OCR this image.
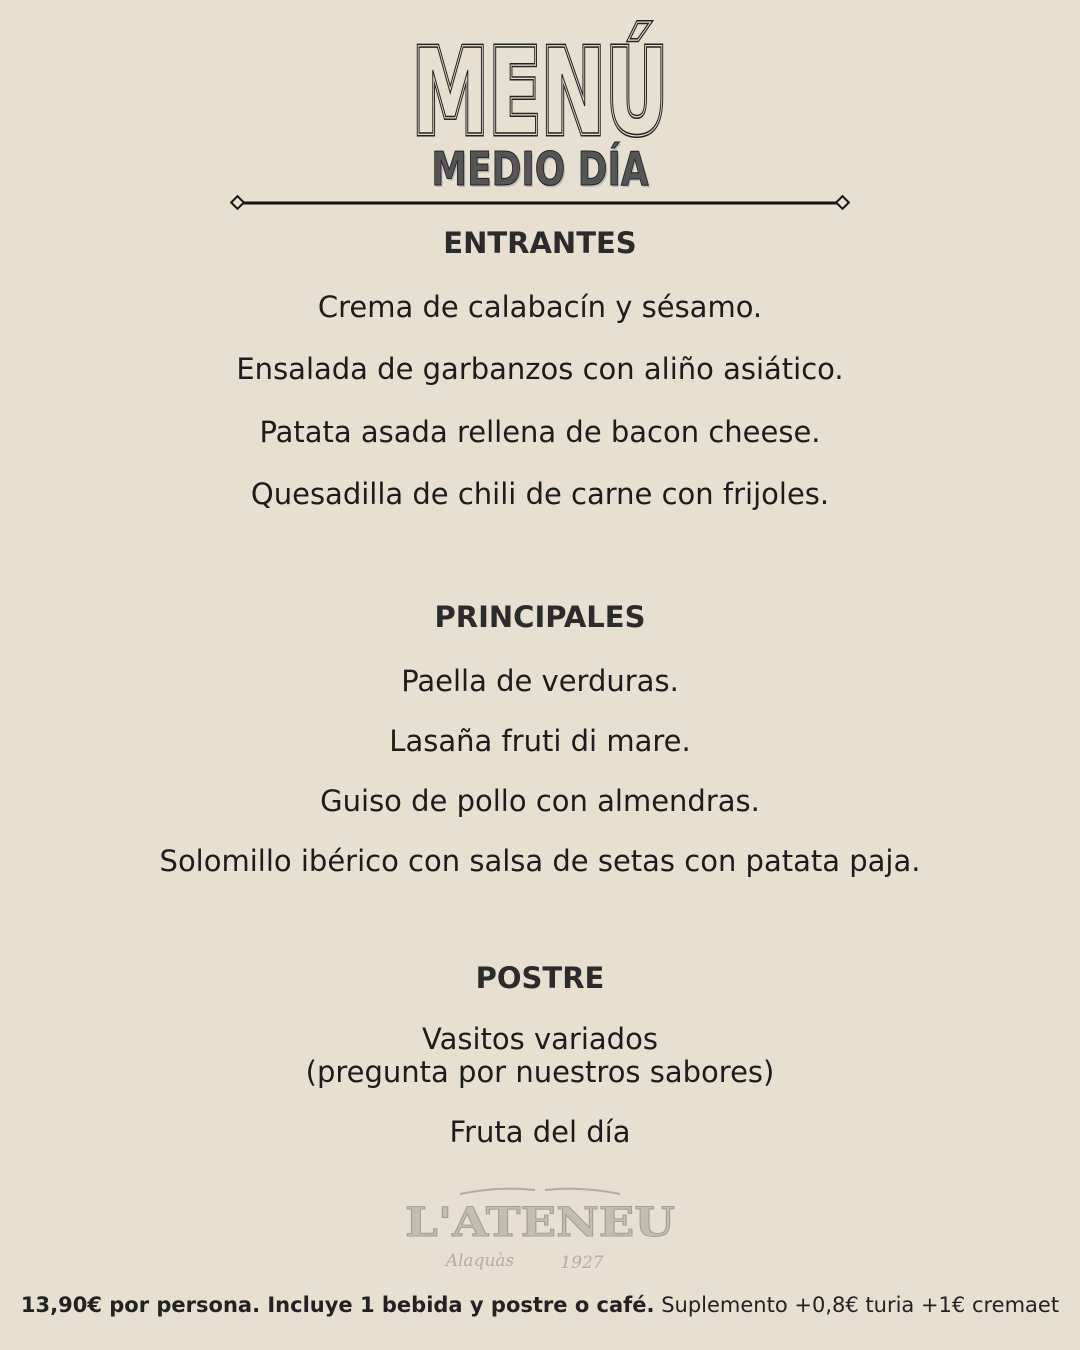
MENÚ
MENÚ
MENÚ
MEDIO DÍA
ENTRANTES
Crema de calabacín y sésamo.
Ensalada de garbanzos con aliño asiático.
Patata asada rellena de bacon cheese.
Quesadilla de chili de carne con frijoles.
PRINCIPALES
Paella de verduras.
Lasaña fruti di mare.
Guiso de pollo con almendras.
Solomillo ibérico con salsa de setas con patata paja.
POSTRE
Vasitos variados
(pregunta por nuestros sabores)
Fruta del día
L'ATENEU
Alaquàs	1927
13,90€ por persona. Incluye 1 bebida y postre o café. Suplemento +0,8€ turia +1€ cremaet
